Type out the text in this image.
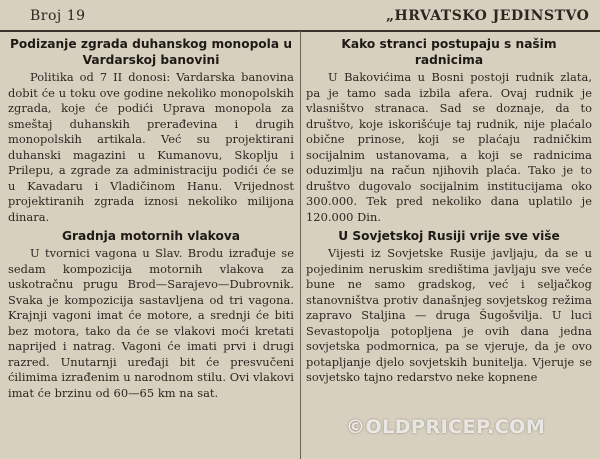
Broj 19	„HRVATSKO JEDINSTVO
Podizanje zgrada duhanskog monopola u Vardarskoj banovini

Politika od 7 II donosi: Vardarska banovina dobit će u toku ove godine nekoliko monopolskih zgrada, koje će podići Uprava monopola za smeštaj duhanskih prerađevina i drugih monopolskih artikala. Već su projektirani duhanski magazini u Kumanovu, Skoplju i Prilepu, a zgrade za administraciju podići će se u Kavadaru i Vladičinom Hanu. Vrijednost projektiranih zgrada iznosi nekoliko milijona dinara.

Gradnja motornih vlakova

U tvornici vagona u Slav. Brodu izrađuje se sedam kompozicija motornih vlakova za uskotračnu prugu Brod—Sarajevo—Dubrovnik. Svaka je kompozicija sastavljena od tri vagona. Krajnji vagoni imat će motore, a srednji će biti bez motora, tako da će se vlakovi moći kretati naprijed i natrag. Vagoni će imati prvi i drugi razred. Unutarnji uređaji bit će presvučeni ćilimima izrađenim u narodnom stilu. Ovi vlakovi imat će brzinu od 60—65 km na sat.

Kako stranci postupaju s našim radnicima

U Bakovićima u Bosni postoji rudnik zlata, pa je tamo sada izbila afera. Ovaj rudnik je vlasništvo stranaca. Sad se doznaje, da to društvo, koje iskorišćuje taj rudnik, nije plaćalo obične prinose, koji se plaćaju radničkim socijalnim ustanovama, a koji se radnicima oduzimlju na račun njihovih plaća. Tako je to društvo dugovalo socijalnim institucijama oko 300.000. Tek pred nekoliko dana uplatilo je 120.000 Din.

U Sovjetskoj Rusiji vrije sve više

Vijesti iz Sovjetske Rusije javljaju, da se u pojedinim neruskim središtima javljaju sve veće bune ne samo gradskog, već i seljačkog stanovništva protiv današnjeg sovjetskog režima zapravo Staljina — druga Šugošvilja. U luci Sevastopolja potopljena je ovih dana jedna sovjetska podmornica, pa se vjeruje, da je ovo potapljanje djelo sovjetskih bunitelja. Vjeruje se sovjetsko tajno redarstvo neke kopnene

©OLDPRICEP.COM
